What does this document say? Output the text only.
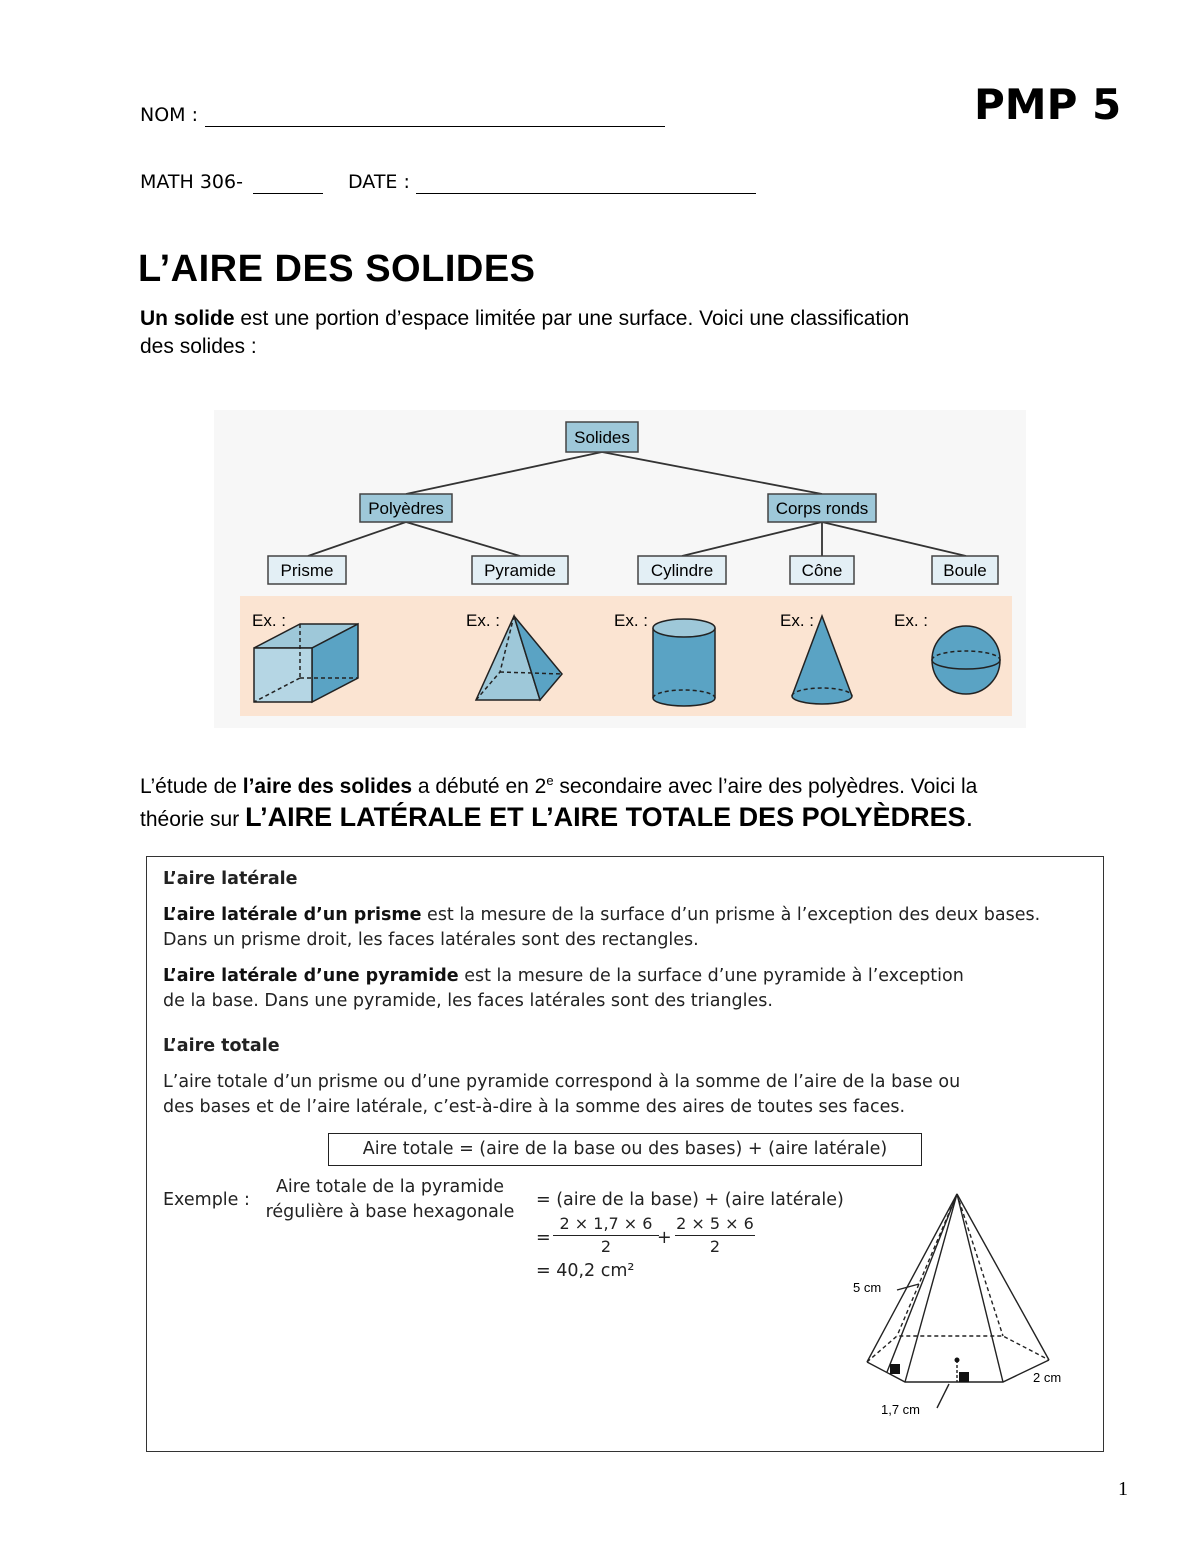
NOM :	PMP 5
MATH 306-	DATE :
L’AIRE DES SOLIDES
Un solide est une portion d’espace limitée par une surface. Voici une classification
des solides :
Solides
Polyèdres	Corps ronds
Prisme	Pyramide	Cylindre	Cône	Boule
Ex. :	Ex. :	Ex. :	Ex. :	Ex. :
L’étude de l’aire des solides a débuté en 2e secondaire avec l’aire des polyèdres. Voici la
théorie sur L’AIRE LATÉRALE ET L’AIRE TOTALE DES POLYÈDRES.
L’aire latérale
L’aire latérale d’un prisme est la mesure de la surface d’un prisme à l’exception des deux bases.
Dans un prisme droit, les faces latérales sont des rectangles.
L’aire latérale d’une pyramide est la mesure de la surface d’une pyramide à l’exception
de la base. Dans une pyramide, les faces latérales sont des triangles.
L’aire totale
L’aire totale d’un prisme ou d’une pyramide correspond à la somme de l’aire de la base ou
des bases et de l’aire latérale, c’est-à-dire à la somme des aires de toutes ses faces.
Aire totale = (aire de la base ou des bases) + (aire latérale)
Exemple :
Aire totale de la pyramide
régulière à base hexagonale
= (aire de la base) + (aire latérale)
= $\frac{2 \times 1,7 \times 6}{2}$
+ $\frac{2 \times 5 \times 6}{2}$
= 40,2 cm²
5 cm
2 cm
1,7 cm
1
